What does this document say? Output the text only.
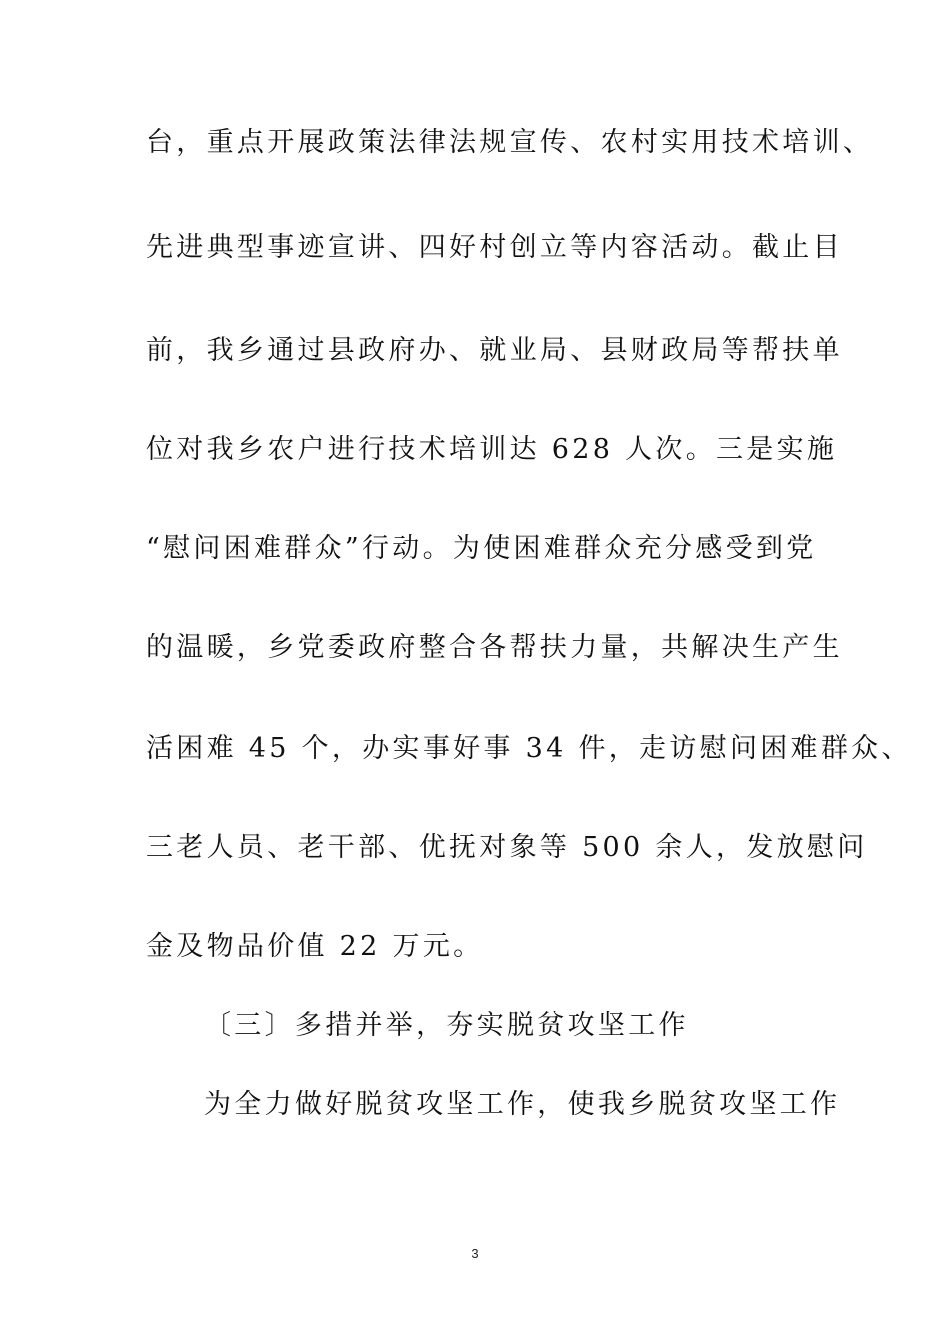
台，重点开展政策法律法规宣传、农村实用技术培训、
先进典型事迹宣讲、四好村创立等内容活动。截止目
前，我乡通过县政府办、就业局、县财政局等帮扶单
位对我乡农户进行技术培训达 628 人次。三是实施
“慰问困难群众”行动。为使困难群众充分感受到党
的温暖，乡党委政府整合各帮扶力量，共解决生产生
活困难 45 个，办实事好事 34 件，走访慰问困难群众、
三老人员、老干部、优抚对象等 500 余人，发放慰问
金及物品价值 22 万元。
〔三〕多措并举，夯实脱贫攻坚工作
为全力做好脱贫攻坚工作，使我乡脱贫攻坚工作
3
